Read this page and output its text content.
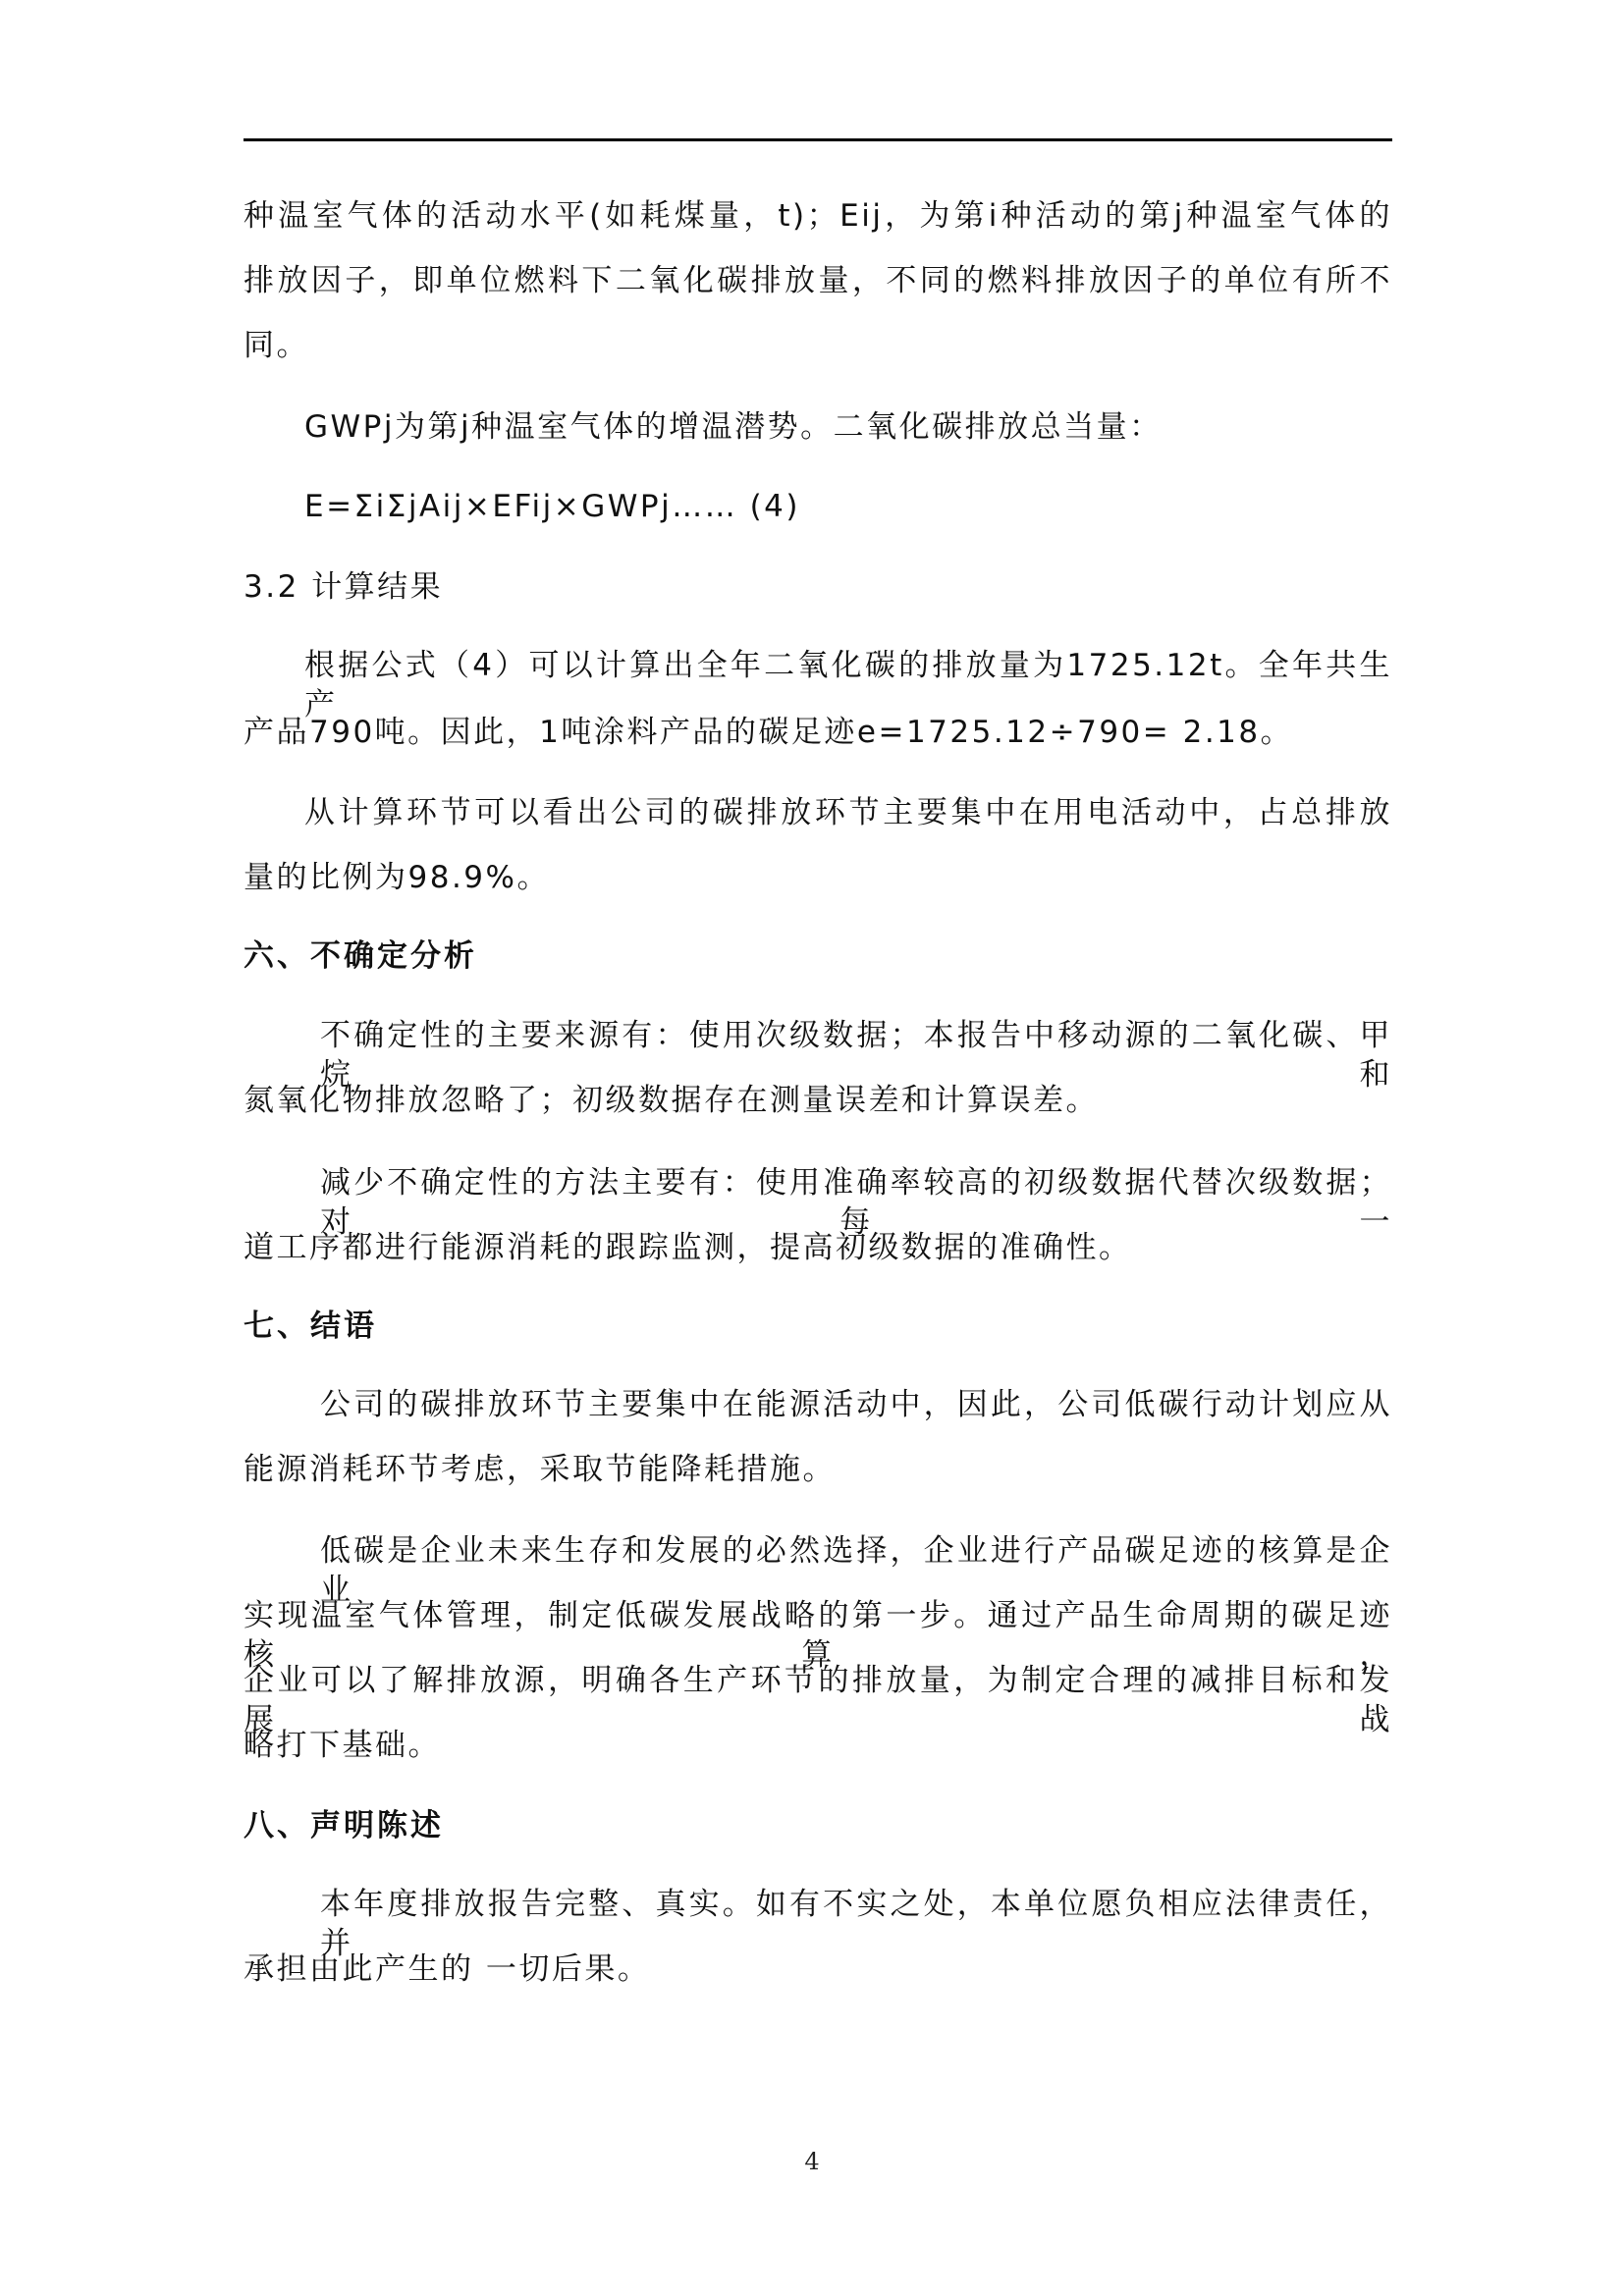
种温室气体的活动水平(如耗煤量，t)；Eij，为第i种活动的第j种温室气体的
排放因子，即单位燃料下二氧化碳排放量，不同的燃料排放因子的单位有所不
同。
GWPj为第j种温室气体的增温潜势。二氧化碳排放总当量：
E=ΣiΣjAij×EFij×GWPj…… (4)
3.2 计算结果
根据公式（4）可以计算出全年二氧化碳的排放量为1725.12t。全年共生产
产品790吨。因此，1吨涂料产品的碳足迹e=1725.12÷790= 2.18。
从计算环节可以看出公司的碳排放环节主要集中在用电活动中，占总排放
量的比例为98.9%。
六、不确定分析
不确定性的主要来源有：使用次级数据；本报告中移动源的二氧化碳、甲烷和
氮氧化物排放忽略了；初级数据存在测量误差和计算误差。
减少不确定性的方法主要有：使用准确率较高的初级数据代替次级数据；对每一
道工序都进行能源消耗的跟踪监测，提高初级数据的准确性。
七、结语
公司的碳排放环节主要集中在能源活动中，因此，公司低碳行动计划应从
能源消耗环节考虑，采取节能降耗措施。
低碳是企业未来生存和发展的必然选择，企业进行产品碳足迹的核算是企业
实现温室气体管理，制定低碳发展战略的第一步。通过产品生命周期的碳足迹核算，
企业可以了解排放源，明确各生产环节的排放量，为制定合理的减排目标和发展战
略打下基础。
八、声明陈述
本年度排放报告完整、真实。如有不实之处，本单位愿负相应法律责任，并
承担由此产生的 一切后果。
4
